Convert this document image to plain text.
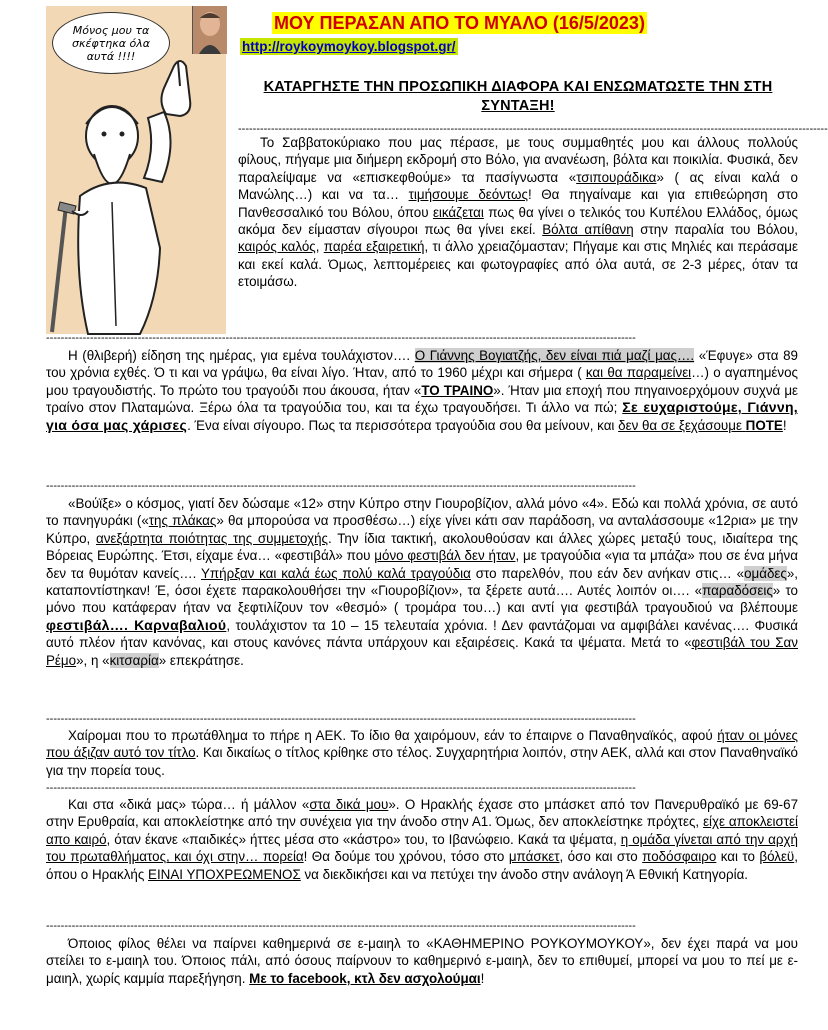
Μόνος μου τα σκέφτηκα όλα αυτά !!!!
ΜΟΥ ΠΕΡΑΣΑΝ ΑΠΟ ΤΟ ΜΥΑΛΟ (16/5/2023)
http://roykoymoykoy.blogspot.gr/
ΚΑΤΑΡΓΗΣΤΕ ΤΗΝ ΠΡΟΣΩΠΙΚΗ ΔΙΑΦΟΡΑ ΚΑΙ ΕΝΣΩΜΑΤΩΣΤΕ ΤΗΝ ΣΤΗ ΣΥΝΤΑΞΗ!
-----------------------------------------------------------------------------------------------------------------------------------------------------------------
Το Σαββατοκύριακο που μας πέρασε, με τους συμμαθητές μου και άλλους πολλούς φίλους, πήγαμε μια διήμερη εκδρομή στο Βόλο, για ανανέωση, βόλτα και ποικιλία. Φυσικά, δεν παραλείψαμε να «επισκεφθούμε» τα πασίγνωστα «τσιπουράδικα» ( ας είναι καλά ο Μανώλης…) και να τα… τιμήσουμε δεόντως! Θα πηγαίναμε και για επιθεώρηση στο Πανθεσσαλικό του Βόλου, όπου εικάζεται πως θα γίνει ο τελικός του Κυπέλου Ελλάδος, όμως ακόμα δεν είμασταν σίγουροι πως θα γίνει εκεί. Βόλτα απίθανη στην παραλία του Βόλου, καιρός καλός, παρέα εξαιρετική, τι άλλο χρειαζόμασταν; Πήγαμε και στις Μηλιές και περάσαμε και εκεί καλά. Όμως, λεπτομέρειες και φωτογραφίες από όλα αυτά, σε 2-3 μέρες, όταν τα ετοιμάσω.
-----------------------------------------------------------------------------------------------------------------------------------------------------------------
Η (θλιβερή) είδηση της ημέρας, για εμένα τουλάχιστον…. Ο Γιάννης Βογιατζής, δεν είναι πιά μαζί μας…. «Έφυγε» στα 89 του χρόνια εχθές. Ό τι και να γράψω, θα είναι λίγο. Ήταν, από το 1960 μέχρι και σήμερα ( και θα παραμείνει…) ο αγαπημένος μου τραγουδιστής. Το πρώτο του τραγούδι που άκουσα, ήταν «ΤΟ ΤΡΑΙΝΟ». Ήταν μια εποχή που πηγαινοερχόμουν συχνά με τραίνο στον Πλαταμώνα. Ξέρω όλα τα τραγούδια του, και τα έχω τραγουδήσει. Τι άλλο να πώ; Σε ευχαριστούμε, Γιάννη, για όσα μας χάρισες. Ένα είναι σίγουρο. Πως τα περισσότερα τραγούδια σου θα μείνουν, και δεν θα σε ξεχάσουμε ΠΟΤΕ!
-----------------------------------------------------------------------------------------------------------------------------------------------------------------
«Βούϊξε» ο κόσμος, γιατί δεν δώσαμε «12» στην Κύπρο στην Γιουροβίζιον, αλλά μόνο «4». Εδώ και πολλά χρόνια, σε αυτό το πανηγυράκι («της πλάκας» θα μπορούσα να προσθέσω…) είχε γίνει κάτι σαν παράδοση, να ανταλάσσουμε «12ρια» με την Κύπρο, ανεξάρτητα ποιότητας της συμμετοχής. Την ίδια τακτική, ακολουθούσαν και άλλες χώρες μεταξύ τους, ιδιαίτερα της Βόρειας Ευρώπης. Έτσι, είχαμε ένα… «φεστιβάλ» που μόνο φεστιβάλ δεν ήταν, με τραγούδια «για τα μπάζα» που σε ένα μήνα δεν τα θυμόταν κανείς…. Υπήρξαν και καλά έως πολύ καλά τραγούδια στο παρελθόν, που εάν δεν ανήκαν στις… «ομάδες», καταποντίστηκαν! Έ, όσοι έχετε παρακολουθήσει την «Γιουροβίζιον», τα ξέρετε αυτά…. Αυτές λοιπόν οι…. «παραδόσεις» το μόνο που κατάφεραν ήταν να ξεφτιλίζουν τον «θεσμό» ( τρομάρα του…) και αντί για φεστιβάλ τραγουδιού να βλέπουμε φεστιβάλ…. Καρναβαλιού, τουλάχιστον τα 10 – 15 τελευταία χρόνια. ! Δεν φαντάζομαι να αμφιβάλει κανένας…. Φυσικά αυτό πλέον ήταν κανόνας, και στους κανόνες πάντα υπάρχουν και εξαιρέσεις. Κακά τα ψέματα. Μετά το «φεστιβάλ του Σαν Ρέμο», η «κιτσαρία» επεκράτησε.
-----------------------------------------------------------------------------------------------------------------------------------------------------------------
Χαίρομαι που το πρωτάθλημα το πήρε η ΑΕΚ. Το ίδιο θα χαιρόμουν, εάν το έπαιρνε ο Παναθηναϊκός, αφού ήταν οι μόνες που άξιζαν αυτό τον τίτλο. Και δικαίως ο τίτλος κρίθηκε στο τέλος. Συγχαρητήρια λοιπόν, στην ΑΕΚ, αλλά και στον Παναθηναϊκό για την πορεία τους.
-----------------------------------------------------------------------------------------------------------------------------------------------------------------
Και στα «δικά μας» τώρα… ή μάλλον «στα δικά μου». Ο Ηρακλής έχασε στο μπάσκετ από τον Πανερυθραϊκό με 69-67 στην Ερυθραία, και αποκλείστηκε από την συνέχεια για την άνοδο στην Α1. Όμως, δεν αποκλείστηκε πρόχτες, είχε αποκλειστεί απο καιρό, όταν έκανε «παιδικές» ήττες μέσα στο «κάστρο» του, το Ιβανώφειο. Κακά τα ψέματα, η ομάδα γίνεται από την αρχή του πρωταθλήματος, και όχι στην… πορεία! Θα δούμε του χρόνου, τόσο στο μπάσκετ, όσο και στο ποδόσφαιρο και το βόλεϋ, όπου ο Ηρακλής ΕΙΝΑΙ ΥΠΟΧΡΕΩΜΕΝΟΣ να διεκδικήσει και να πετύχει την άνοδο στην ανάλογη Ά Εθνική Κατηγορία.
-----------------------------------------------------------------------------------------------------------------------------------------------------------------
Όποιος φίλος θέλει να παίρνει καθημερινά σε ε-μαιηλ το «ΚΑΘΗΜΕΡΙΝΟ ΡΟΥΚΟΥΜΟΥΚΟΥ», δεν έχει παρά να μου στείλει το ε-μαιηλ του. Όποιος πάλι, από όσους παίρνουν το καθημερινό ε-μαιηλ, δεν το επιθυμεί, μπορεί να μου το πεί με ε-μαιηλ, χωρίς καμμία παρεξήγηση. Με το facebook, κτλ δεν ασχολούμαι!
